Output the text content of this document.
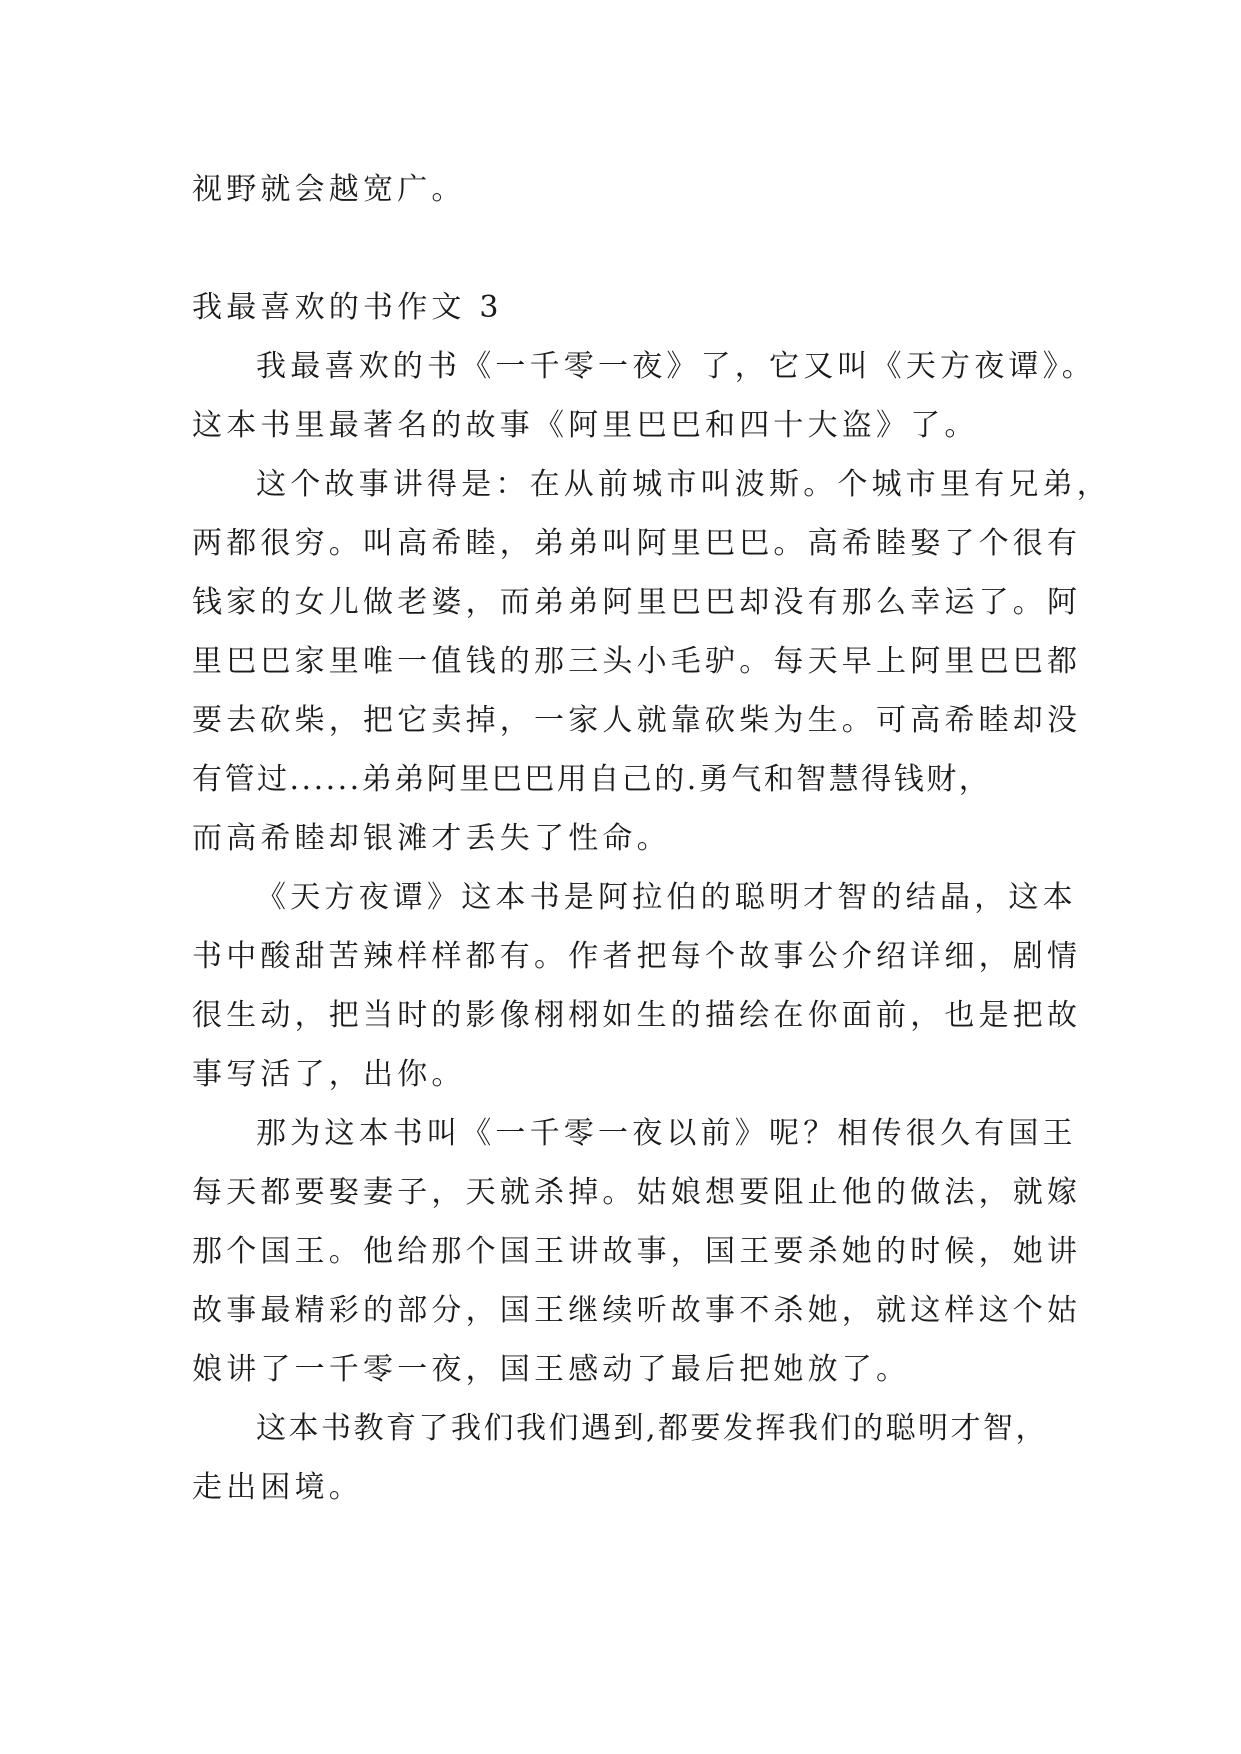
视野就会越宽广。
我最喜欢的书作文 3
我最喜欢的书《一千零一夜》了，它又叫《天方夜谭》。
这本书里最著名的故事《阿里巴巴和四十大盗》了。
这个故事讲得是：在从前城市叫波斯。个城市里有兄弟，
两都很穷。叫高希睦，弟弟叫阿里巴巴。高希睦娶了个很有
钱家的女儿做老婆，而弟弟阿里巴巴却没有那么幸运了。阿
里巴巴家里唯一值钱的那三头小毛驴。每天早上阿里巴巴都
要去砍柴，把它卖掉，一家人就靠砍柴为生。可高希睦却没
有管过......弟弟阿里巴巴用自己的.勇气和智慧得钱财，
而高希睦却银滩才丢失了性命。
《天方夜谭》这本书是阿拉伯的聪明才智的结晶，这本
书中酸甜苦辣样样都有。作者把每个故事公介绍详细，剧情
很生动，把当时的影像栩栩如生的描绘在你面前，也是把故
事写活了，出你。
那为这本书叫《一千零一夜以前》呢？相传很久有国王
每天都要娶妻子，天就杀掉。姑娘想要阻止他的做法，就嫁
那个国王。他给那个国王讲故事，国王要杀她的时候，她讲
故事最精彩的部分，国王继续听故事不杀她，就这样这个姑
娘讲了一千零一夜，国王感动了最后把她放了。
这本书教育了我们我们遇到,都要发挥我们的聪明才智，
走出困境。
